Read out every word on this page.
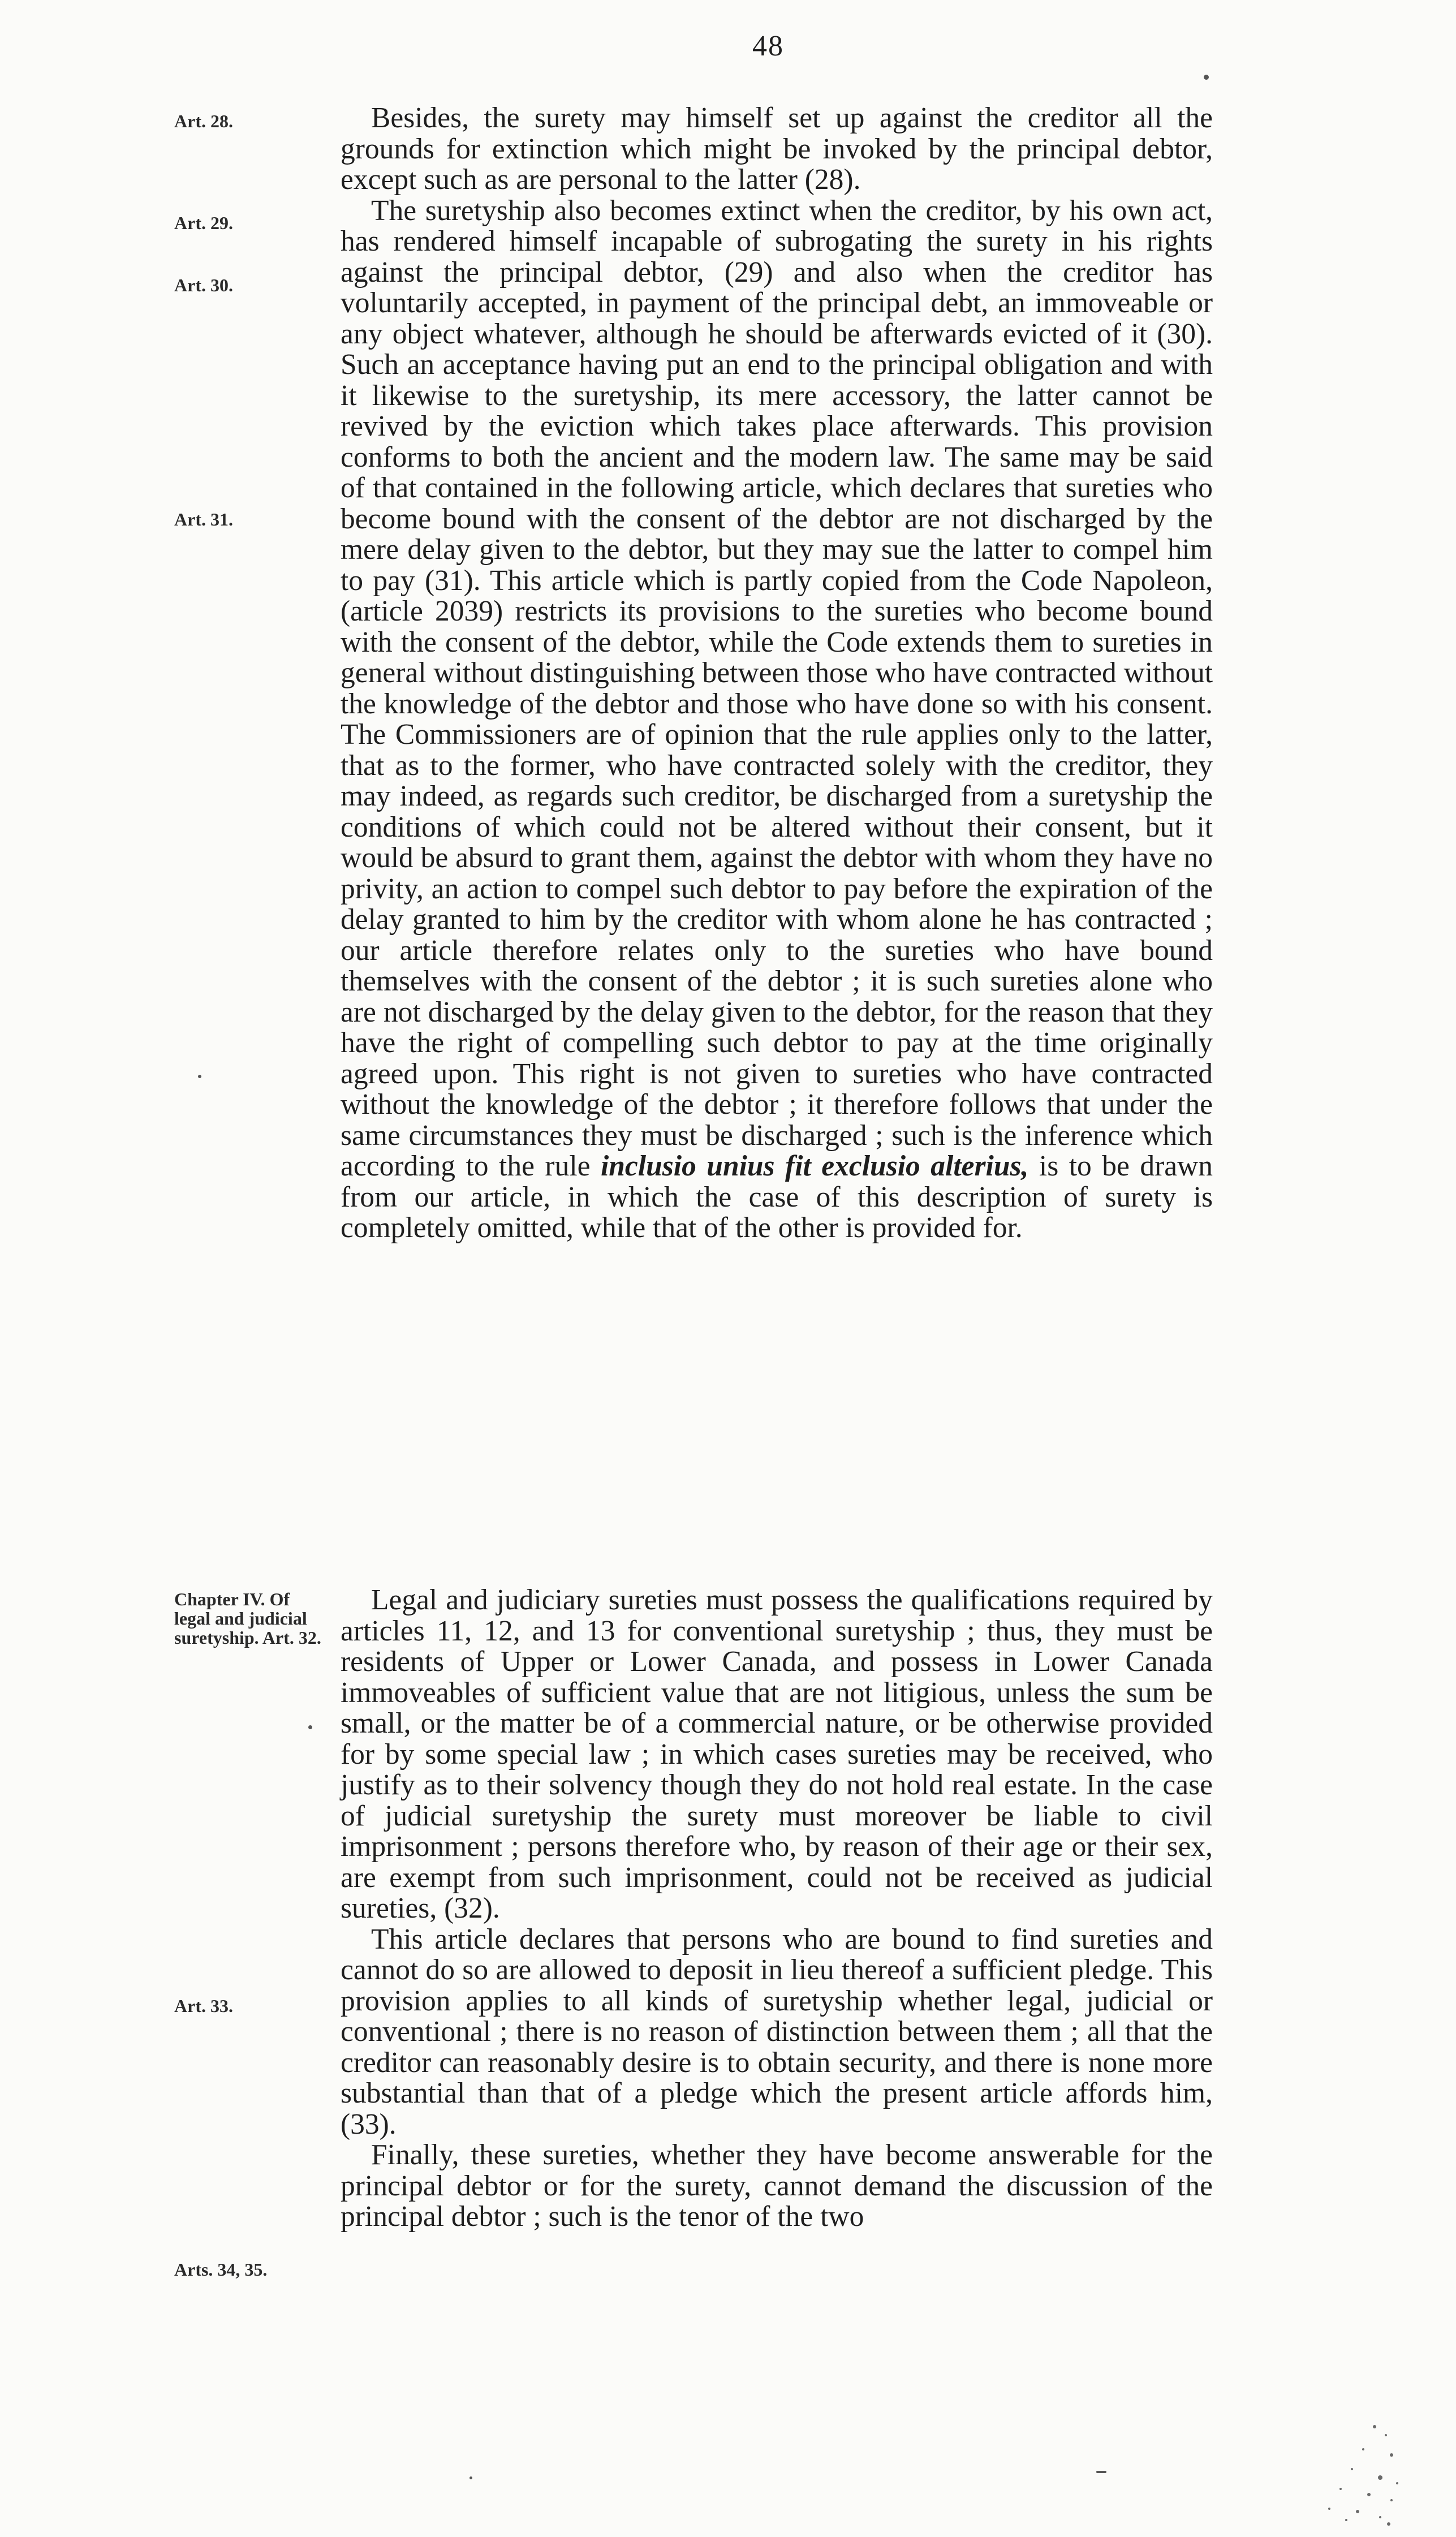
48
Art. 28.
Art. 29.
Art. 30.
Art. 31.
Chapter IV. Of legal and judicial suretyship. Art. 32.
Art. 33.
Arts. 34, 35.

Besides, the surety may himself set up against the creditor all the grounds for extinction which might be invoked by the principal debtor, except such as are personal to the latter (28).

The suretyship also becomes extinct when the creditor, by his own act, has rendered himself incapable of subrogating the surety in his rights against the principal debtor, (29) and also when the creditor has voluntarily accepted, in payment of the principal debt, an immoveable or any object whatever, although he should be afterwards evicted of it (30). Such an acceptance having put an end to the principal obligation and with it likewise to the suretyship, its mere accessory, the latter cannot be revived by the eviction which takes place afterwards. This provision conforms to both the ancient and the modern law. The same may be said of that contained in the following article, which declares that sureties who become bound with the consent of the debtor are not discharged by the mere delay given to the debtor, but they may sue the latter to compel him to pay (31). This article which is partly copied from the Code Napoleon, (article 2039) restricts its provisions to the sureties who become bound with the consent of the debtor, while the Code extends them to sureties in general without distinguishing between those who have contracted without the knowledge of the debtor and those who have done so with his consent. The Commissioners are of opinion that the rule applies only to the latter, that as to the former, who have contracted solely with the creditor, they may indeed, as regards such creditor, be discharged from a suretyship the conditions of which could not be altered without their consent, but it would be absurd to grant them, against the debtor with whom they have no privity, an action to compel such debtor to pay before the expiration of the delay granted to him by the creditor with whom alone he has contracted ; our article therefore relates only to the sureties who have bound themselves with the consent of the debtor ; it is such sureties alone who are not discharged by the delay given to the debtor, for the reason that they have the right of compelling such debtor to pay at the time originally agreed upon. This right is not given to sureties who have contracted without the knowledge of the debtor ; it therefore follows that under the same circumstances they must be discharged ; such is the inference which according to the rule inclusio unius fit exclusio alterius, is to be drawn from our article, in which the case of this description of surety is completely omitted, while that of the other is provided for.

Legal and judiciary sureties must possess the qualifications required by articles 11, 12, and 13 for conventional suretyship ; thus, they must be residents of Upper or Lower Canada, and possess in Lower Canada immoveables of sufficient value that are not litigious, unless the sum be small, or the matter be of a commercial nature, or be otherwise provided for by some special law ; in which cases sureties may be received, who justify as to their solvency though they do not hold real estate. In the case of judicial suretyship the surety must moreover be liable to civil imprisonment ; persons therefore who, by reason of their age or their sex, are exempt from such imprisonment, could not be received as judicial sureties, (32).

This article declares that persons who are bound to find sureties and cannot do so are allowed to deposit in lieu thereof a sufficient pledge. This provision applies to all kinds of suretyship whether legal, judicial or conventional ; there is no reason of distinction between them ; all that the creditor can reasonably desire is to obtain security, and there is none more substantial than that of a pledge which the present article affords him, (33).

Finally, these sureties, whether they have become answerable for the principal debtor or for the surety, cannot demand the discussion of the principal debtor ; such is the tenor of the two
